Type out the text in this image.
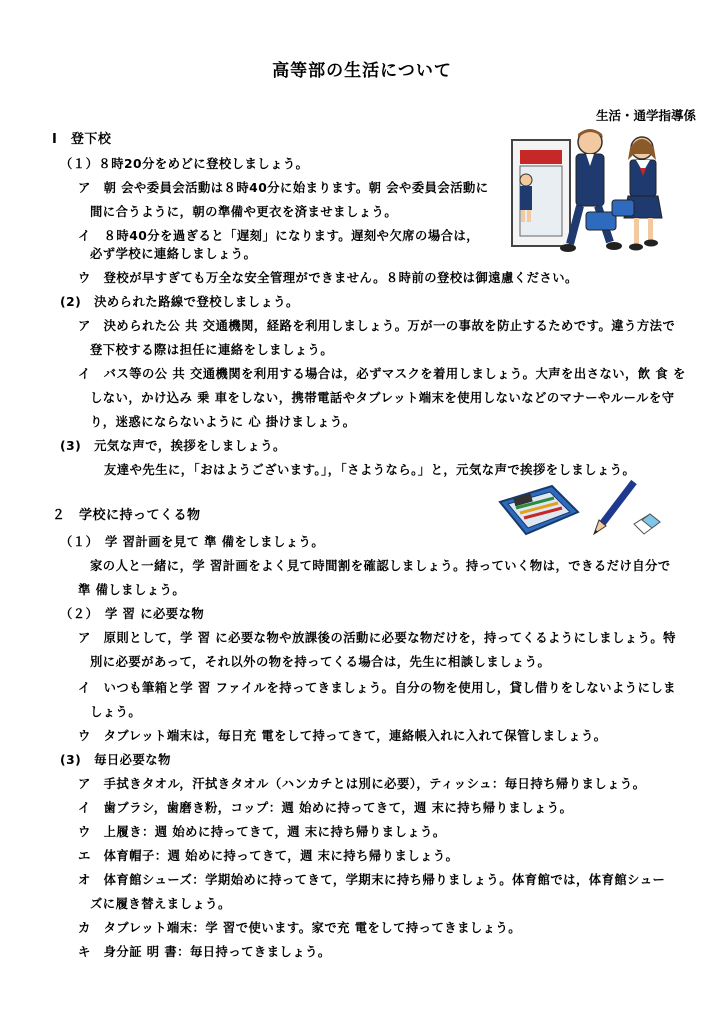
高等部の生活について
生活・通学指導係
Ⅰ　登下校
（１）８時20分をめどに登校しましょう。
ア　朝 会や委員会活動は８時40分に始まります。朝 会や委員会活動に
間に合うように，朝の準備や更衣を済ませましょう。
イ　８時40分を過ぎると「遅刻」になります。遅刻や欠席の場合は，
必ず学校に連絡しましょう。
ウ　登校が早すぎても万全な安全管理ができません。８時前の登校は御遠慮ください。
(2)　決められた路線で登校しましょう。
ア　決められた公 共 交通機関，経路を利用しましょう。万が一の事故を防止するためです。違う方法で
登下校する際は担任に連絡をしましょう。
イ　バス等の公 共 交通機関を利用する場合は，必ずマスクを着用しましょう。大声を出さない，飲 食 を
しない，かけ込み 乗 車をしない，携帯電話やタブレット端末を使用しないなどのマナーやルールを守
り，迷惑にならないように 心 掛けましょう。
(3)　元気な声で，挨拶をしましょう。
友達や先生に，「おはようございます。」，「さようなら。」と，元気な声で挨拶をしましょう。
２　学校に持ってくる物
（１）　学 習計画を見て 準 備をしましょう。
家の人と一緒に，学 習計画をよく見て時間割を確認しましょう。持っていく物は，できるだけ自分で
準 備しましょう。
（２）　学 習 に必要な物
ア　原則として，学 習 に必要な物や放課後の活動に必要な物だけを，持ってくるようにしましょう。特
別に必要があって，それ以外の物を持ってくる場合は，先生に相談しましょう。
イ　いつも筆箱と学 習 ファイルを持ってきましょう。自分の物を使用し，貸し借りをしないようにしま
しょう。
ウ　タブレット端末は，毎日充 電をして持ってきて，連絡帳入れに入れて保管しましょう。
(3)　毎日必要な物
ア　手拭きタオル，汗拭きタオル（ハンカチとは別に必要），ティッシュ：毎日持ち帰りましょう。
イ　歯ブラシ，歯磨き粉，コップ：週 始めに持ってきて，週 末に持ち帰りましょう。
ウ　上履き：週 始めに持ってきて，週 末に持ち帰りましょう。
エ　体育帽子：週 始めに持ってきて，週 末に持ち帰りましょう。
オ　体育館シューズ：学期始めに持ってきて，学期末に持ち帰りましょう。体育館では，体育館シュー
ズに履き替えましょう。
カ　タブレット端末：学 習で使います。家で充 電をして持ってきましょう。
キ　身分証 明 書：毎日持ってきましょう。
